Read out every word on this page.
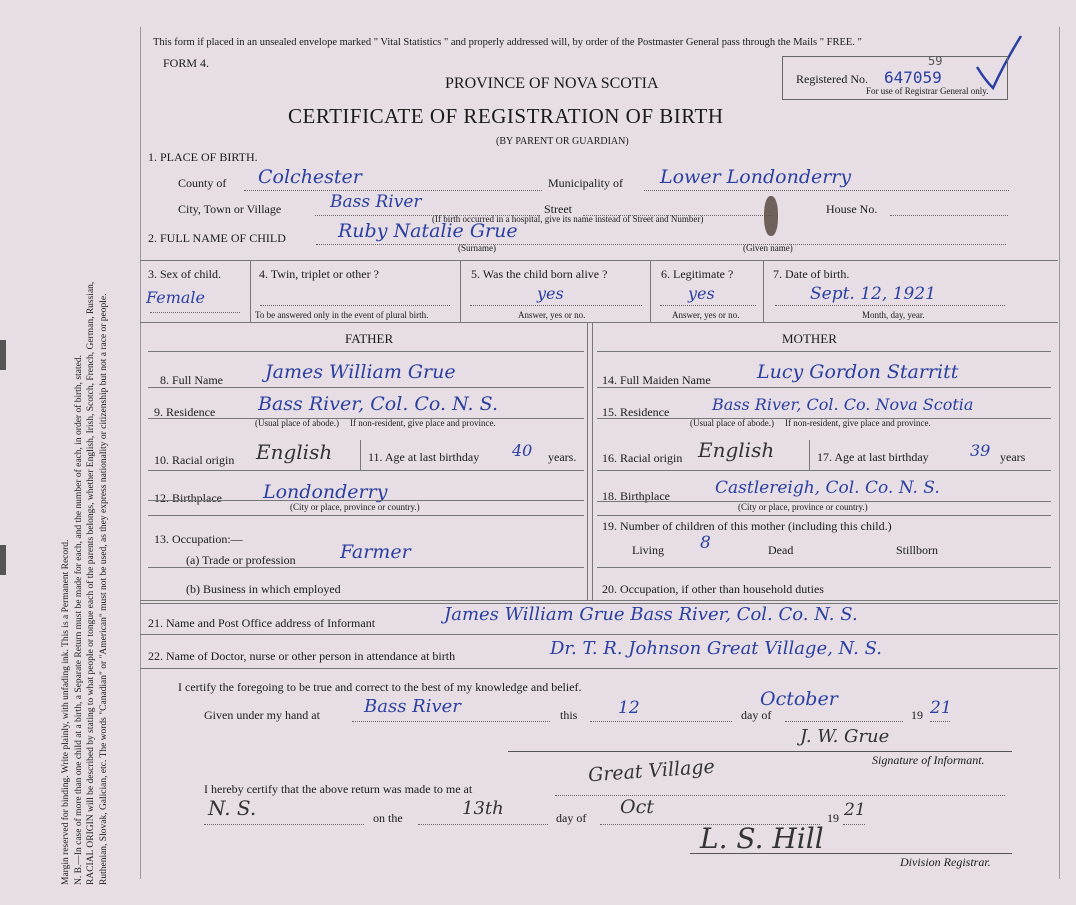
Margin reserved for binding. Write plainly, with unfading ink. This is a Permanent Record. N. B.—In case of more than one child at a birth, a Separate Return must be made for each, and the number of each, in order of birth, stated. RACIAL ORIGIN will be described by stating to what people or tongue each of the parents belongs, whether English, Irish, Scotch, French, German, Russian, Ruthenian, Slovak, Galician, etc. The words "Canadian" or "American" must not be used, as they express nationality or citizenship but not a race or people.
This form if placed in an unsealed envelope marked " Vital Statistics " and properly addressed will, by order of the Postmaster General pass through the Mails " FREE. "
FORM 4.
PROVINCE OF NOVA SCOTIA
CERTIFICATE OF REGISTRATION OF BIRTH
(BY PARENT OR GUARDIAN)
Registered No. 647059
59
For use of Registrar General only.
1. PLACE OF BIRTH.
County of Colchester	Municipality of Lower Londonderry
City, Town or Village	Bass River	Street	House No.
(If birth occurred in a hospital, give its name instead of Street and Number)
2. FULL NAME OF CHILD	Ruby Natalie Grue
(Surname)	(Given name)
3. Sex of child.
Female
4. Twin, triplet or other ?
To be answered only in the event of plural birth.
5. Was the child born alive ?
yes
Answer, yes or no.
6. Legitimate ?
yes
Answer, yes or no.
7. Date of birth.
Sept. 12, 1921
Month, day, year.
FATHER	MOTHER
8. Full Name James William Grue
9. Residence Bass River, Col. Co. N. S.
(Usual place of abode.) If non-resident, give place and province.
10. Racial origin English	11. Age at last birthday 40 years.
12. Birthplace Londonderry
(City or place, province or country.)
13. Occupation:—
(a) Trade or profession Farmer
(b) Business in which employed
14. Full Maiden Name Lucy Gordon Starritt
15. Residence	Bass River, Col. Co. Nova Scotia
(Usual place of abode.) If non-resident, give place and province.
16. Racial origin English	17. Age at last birthday	39 years
18. Birthplace	Castlereigh, Col. Co. N. S.
(City or place, province or country.)
19. Number of children of this mother (including this child.)
Living 8	Dead	Stillborn
20. Occupation, if other than household duties
21. Name and Post Office address of Informant	James William Grue Bass River, Col. Co. N. S.
22. Name of Doctor, nurse or other person in attendance at birth	Dr. T. R. Johnson Great Village, N. S.
I certify the foregoing to be true and correct to the best of my knowledge and belief.
Given under my hand at Bass River	this 12	day of
October
19 21
J. W. Grue
Signature of Informant.
I hereby certify that the above return was made to me at
Great Village
N. S.	on the	13th	day of Oct	19 21
L. S. Hill
Division Registrar.
